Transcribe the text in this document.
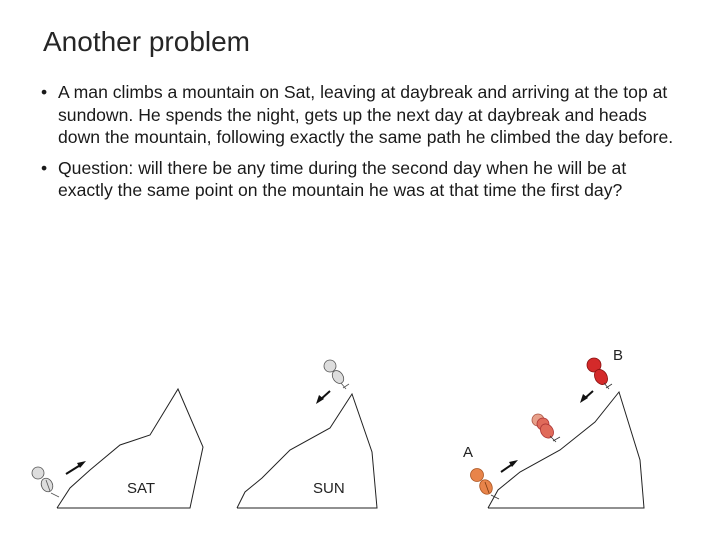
Another problem
• A man climbs a mountain on Sat, leaving at daybreak and arriving at the top at sundown. He spends the night, gets up the next day at daybreak and heads down the mountain, following exactly the same path he climbed the day before.
• Question: will there be any time during the second day when he will be at exactly the same point on the mountain he was at that time the first day?
SAT	SUN
A
B
